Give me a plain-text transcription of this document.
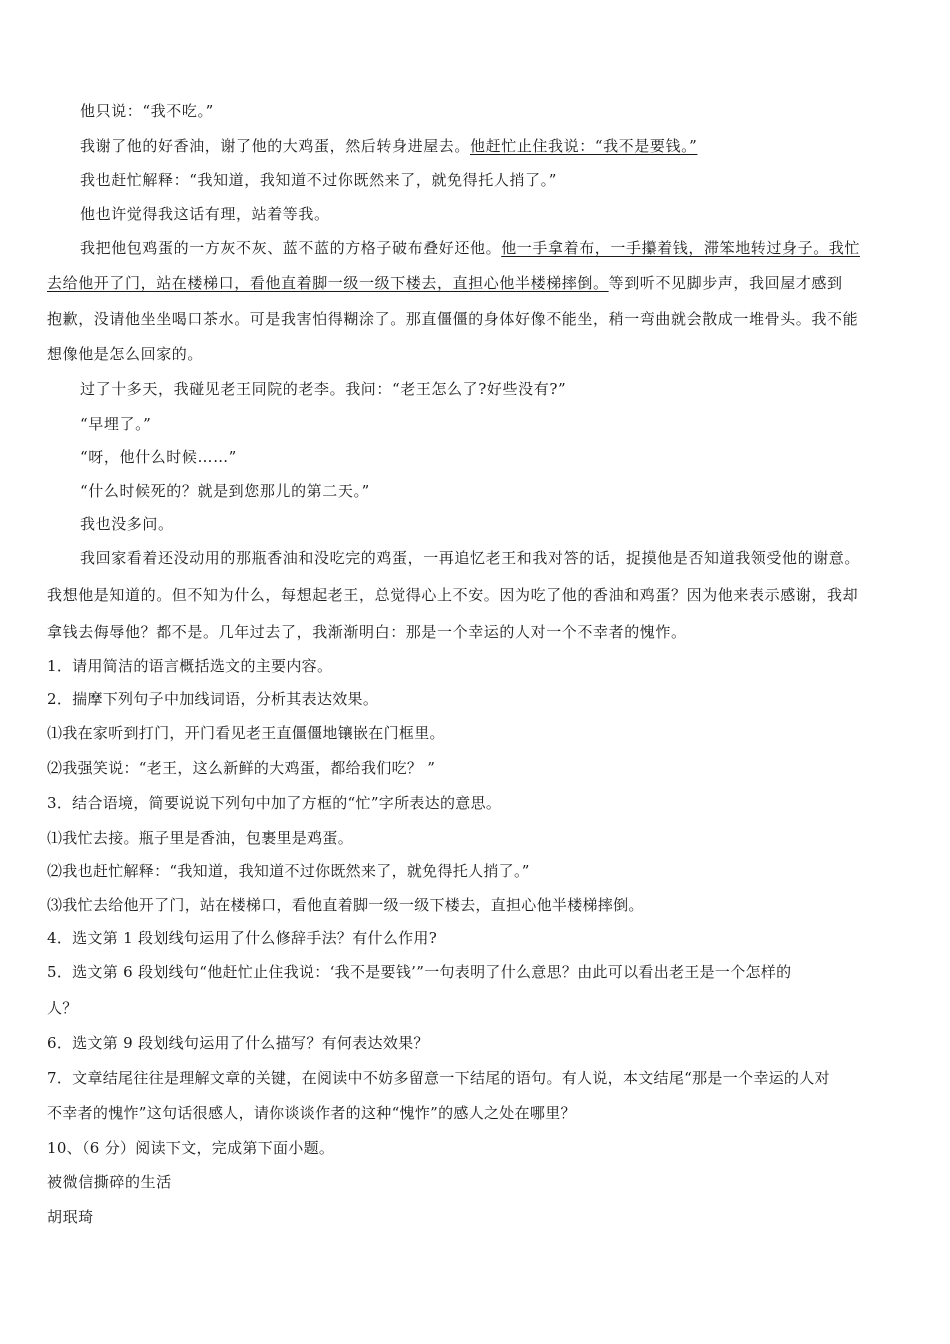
他只说：“我不吃。”
我谢了他的好香油，谢了他的大鸡蛋，然后转身进屋去。他赶忙止住我说：“我不是要钱。”
我也赶忙解释：“我知道，我知道不过你既然来了，就免得托人捎了。”
他也许觉得我这话有理，站着等我。
我把他包鸡蛋的一方灰不灰、蓝不蓝的方格子破布叠好还他。他一手拿着布，一手攥着钱，滞笨地转过身子。我忙
去给他开了门，站在楼梯口，看他直着脚一级一级下楼去，直担心他半楼梯摔倒。等到听不见脚步声，我回屋才感到
抱歉，没请他坐坐喝口茶水。可是我害怕得糊涂了。那直僵僵的身体好像不能坐，稍一弯曲就会散成一堆骨头。我不能
想像他是怎么回家的。
过了十多天，我碰见老王同院的老李。我问：“老王怎么了?好些没有?”
“早埋了。”
“呀，他什么时候……”
“什么时候死的？就是到您那儿的第二天。”
我也没多问。
我回家看着还没动用的那瓶香油和没吃完的鸡蛋，一再追忆老王和我对答的话，捉摸他是否知道我领受他的谢意。
我想他是知道的。但不知为什么，每想起老王，总觉得心上不安。因为吃了他的香油和鸡蛋？因为他来表示感谢，我却
拿钱去侮辱他？都不是。几年过去了，我渐渐明白：那是一个幸运的人对一个不幸者的愧怍。
1．请用简洁的语言概括选文的主要内容。
2．揣摩下列句子中加线词语，分析其表达效果。
⑴我在家听到打门，开门看见老王直僵僵地镶嵌在门框里。
⑵我强笑说：“老王，这么新鲜的大鸡蛋，都给我们吃？ ”
3．结合语境，简要说说下列句中加了方框的“忙”字所表达的意思。
⑴我忙去接。瓶子里是香油，包裹里是鸡蛋。
⑵我也赶忙解释：“我知道，我知道不过你既然来了，就免得托人捎了。”
⑶我忙去给他开了门，站在楼梯口，看他直着脚一级一级下楼去，直担心他半楼梯摔倒。
4．选文第 1 段划线句运用了什么修辞手法？有什么作用?
5．选文第 6 段划线句“他赶忙止住我说：‘我不是要钱’”一句表明了什么意思？由此可以看出老王是一个怎样的
人？
6．选文第 9 段划线句运用了什么描写？有何表达效果？
7．文章结尾往往是理解文章的关键，在阅读中不妨多留意一下结尾的语句。有人说，本文结尾“那是一个幸运的人对
不幸者的愧怍”这句话很感人，请你谈谈作者的这种“愧怍”的感人之处在哪里？
10、（6 分）阅读下文，完成第下面小题。
被微信撕碎的生活
胡珉琦
